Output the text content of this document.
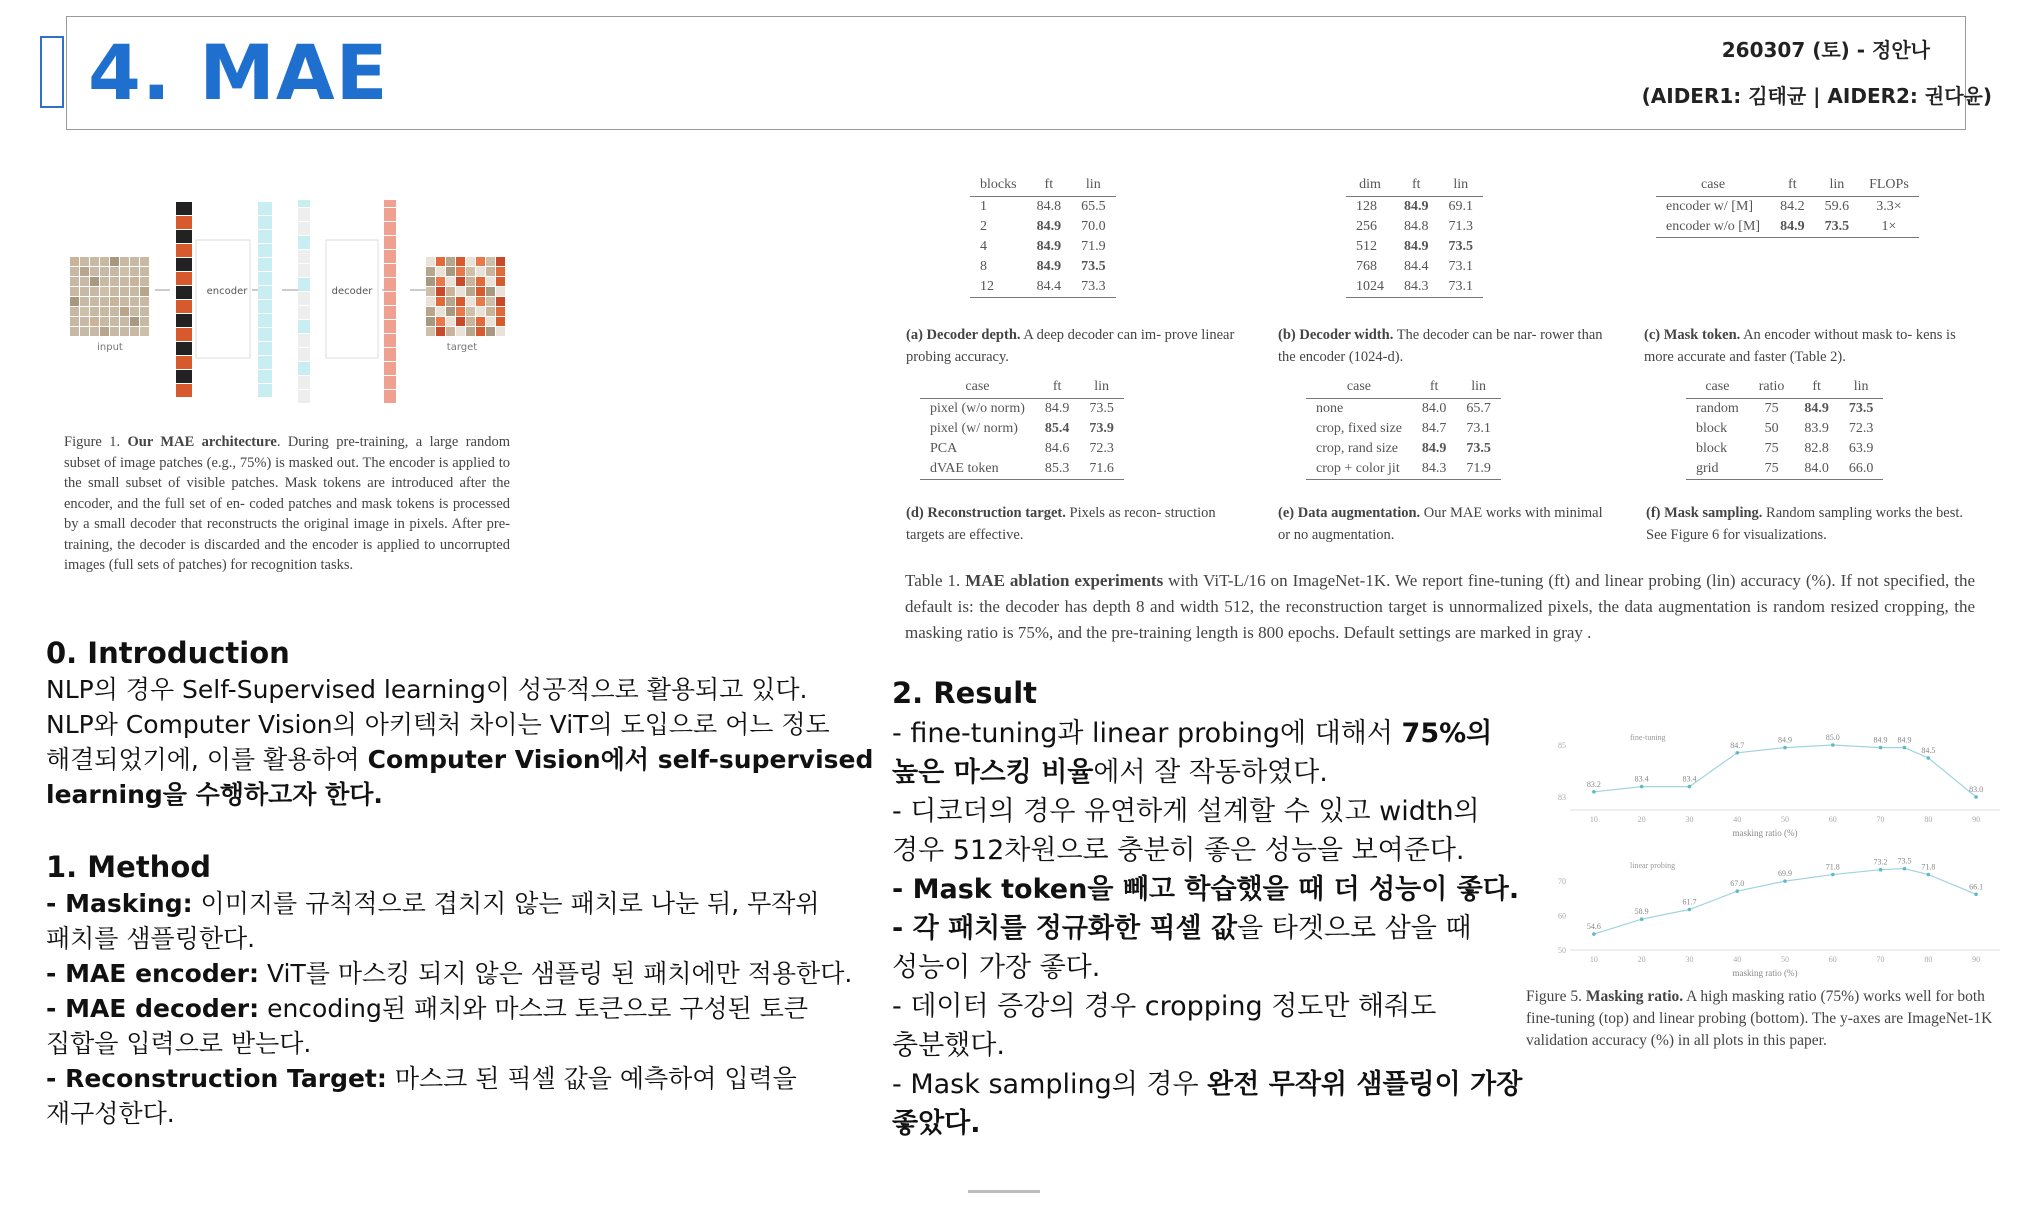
4. MAE	260307 (토) - 정안나
(AIDER1: 김태균 | AIDER2: 권다윤)
input
encoder	decoder
target
Figure 1. Our MAE architecture. During pre-training, a large random subset of image patches (e.g., 75%) is masked out. The encoder is applied to the small subset of visible patches. Mask tokens are introduced after the encoder, and the full set of en- coded patches and mask tokens is processed by a small decoder that reconstructs the original image in pixels. After pre-training, the decoder is discarded and the encoder is applied to uncorrupted images (full sets of patches) for recognition tasks.
0. Introduction
NLP의 경우 Self-Supervised learning이 성공적으로 활용되고 있다.
NLP와 Computer Vision의 아키텍처 차이는 ViT의 도입으로 어느 정도
해결되었기에, 이를 활용하여 Computer Vision에서 self-supervised
learning을 수행하고자 한다.
1. Method
- Masking: 이미지를 규칙적으로 겹치지 않는 패치로 나눈 뒤, 무작위
패치를 샘플링한다.
- MAE encoder: ViT를 마스킹 되지 않은 샘플링 된 패치에만 적용한다.
- MAE decoder: encoding된 패치와 마스크 토큰으로 구성된 토큰
집합을 입력으로 받는다.
- Reconstruction Target: 마스크 된 픽셀 값을 예측하여 입력을
재구성한다.
blocks	ft	lin
1	84.8	65.5
2	84.9	70.0
4	84.9	71.9
8	84.9	73.5
12	84.4	73.3
(a) Decoder depth. A deep decoder can im- prove linear probing accuracy.
dim	ft	lin
128	84.9	69.1
256	84.8	71.3
512	84.9	73.5
768	84.4	73.1
1024	84.3	73.1
(b) Decoder width. The decoder can be nar- rower than the encoder (1024-d).
case	ft	lin	FLOPs
encoder w/ [M]	84.2	59.6	3.3×
encoder w/o [M]	84.9	73.5	1×
(c) Mask token. An encoder without mask to- kens is more accurate and faster (Table 2).
case	ft	lin
pixel (w/o norm)	84.9	73.5
pixel (w/ norm)	85.4	73.9
PCA	84.6	72.3
dVAE token	85.3	71.6
(d) Reconstruction target. Pixels as recon- struction targets are effective.
case	ft	lin
none	84.0	65.7
crop, fixed size	84.7	73.1
crop, rand size	84.9	73.5
crop + color jit	84.3	71.9
(e) Data augmentation. Our MAE works with minimal or no augmentation.
case	ratio	ft	lin
random	75	84.9	73.5
block	50	83.9	72.3
block	75	82.8	63.9
grid	75	84.0	66.0
(f) Mask sampling. Random sampling works the best. See Figure 6 for visualizations.
Table 1. MAE ablation experiments with ViT-L/16 on ImageNet-1K. We report fine-tuning (ft) and linear probing (lin) accuracy (%). If not specified, the default is: the decoder has depth 8 and width 512, the reconstruction target is unnormalized pixels, the data augmentation is random resized cropping, the masking ratio is 75%, and the pre-training length is 800 epochs. Default settings are marked in gray .
2. Result
- fine-tuning과 linear probing에 대해서 75%의
높은 마스킹 비율에서 잘 작동하였다.
- 디코더의 경우 유연하게 설계할 수 있고 width의
경우 512차원으로 충분히 좋은 성능을 보여준다.
- Mask token을 빼고 학습했을 때 더 성능이 좋다.
- 각 패치를 정규화한 픽셀 값을 타겟으로 삼을 때
성능이 가장 좋다.
- 데이터 증강의 경우 cropping 정도만 해줘도
충분했다.
- Mask sampling의 경우 완전 무작위 샘플링이 가장
좋았다.
fine-tuning
85
83
10	20	30	40	50	60	70	80	90
masking ratio (%)
83.2
83.4	83.4
84.7
84.9	85.0	84.9 84.9
84.5
83.0
linear probing
70
60
50
10	20	30	40	50	60	70	80	90
masking ratio (%)
54.6
58.9
61.7
67.0
69.9
71.8
73.2 73.5
71.8
66.1
Figure 5. Masking ratio. A high masking ratio (75%) works well for both fine-tuning (top) and linear probing (bottom). The y-axes are ImageNet-1K validation accuracy (%) in all plots in this paper.
